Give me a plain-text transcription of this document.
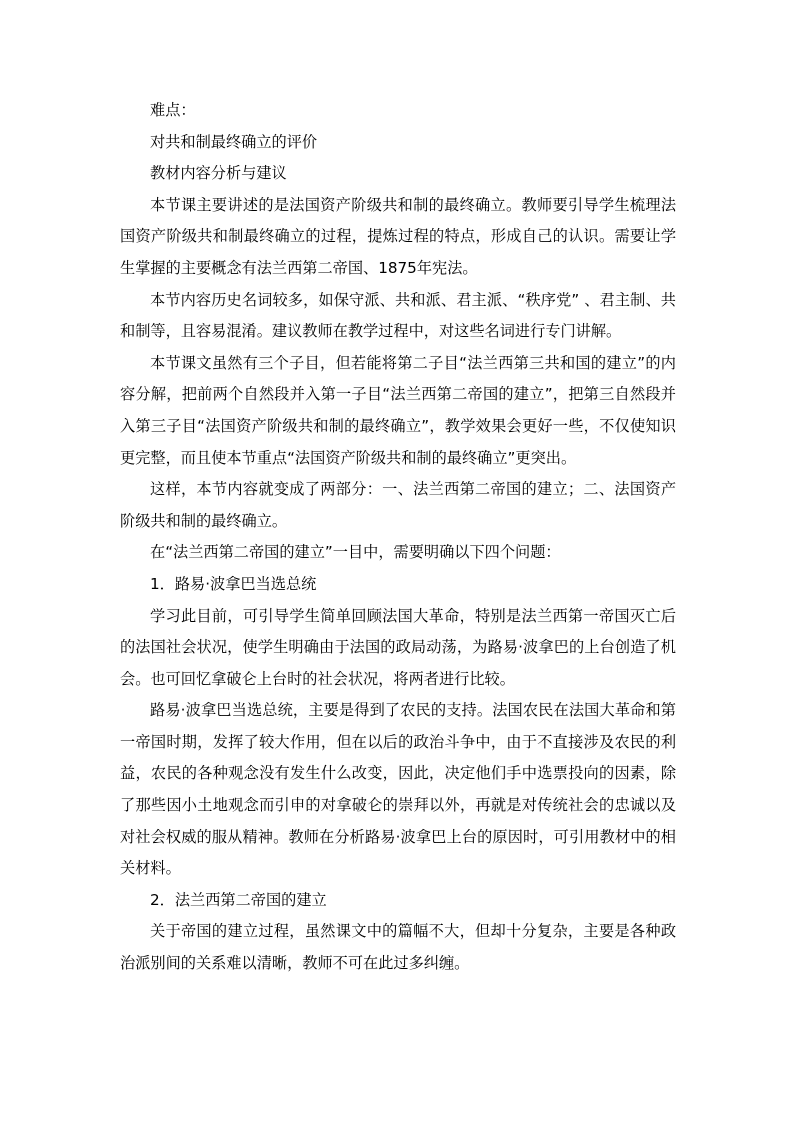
难点：

对共和制最终确立的评价

教材内容分析与建议

本节课主要讲述的是法国资产阶级共和制的最终确立。教师要引导学生梳理法国资产阶级共和制最终确立的过程，提炼过程的特点，形成自己的认识。需要让学生掌握的主要概念有法兰西第二帝国、1875年宪法。

本节内容历史名词较多，如保守派、共和派、君主派、“秩序党” 、君主制、共和制等，且容易混淆。建议教师在教学过程中，对这些名词进行专门讲解。

本节课文虽然有三个子目，但若能将第二子目“法兰西第三共和国的建立”的内容分解，把前两个自然段并入第一子目“法兰西第二帝国的建立”，把第三自然段并入第三子目“法国资产阶级共和制的最终确立”，教学效果会更好一些，不仅使知识更完整，而且使本节重点“法国资产阶级共和制的最终确立”更突出。

这样，本节内容就变成了两部分：一、法兰西第二帝国的建立；二、法国资产阶级共和制的最终确立。

在“法兰西第二帝国的建立”一目中，需要明确以下四个问题：

1．路易·波拿巴当选总统

学习此目前，可引导学生简单回顾法国大革命，特别是法兰西第一帝国灭亡后的法国社会状况，使学生明确由于法国的政局动荡，为路易·波拿巴的上台创造了机会。也可回忆拿破仑上台时的社会状况，将两者进行比较。

路易·波拿巴当选总统，主要是得到了农民的支持。法国农民在法国大革命和第一帝国时期，发挥了较大作用，但在以后的政治斗争中，由于不直接涉及农民的利益，农民的各种观念没有发生什么改变，因此，决定他们手中选票投向的因素，除了那些因小土地观念而引申的对拿破仑的崇拜以外，再就是对传统社会的忠诚以及对社会权威的服从精神。教师在分析路易·波拿巴上台的原因时，可引用教材中的相关材料。

2．法兰西第二帝国的建立

关于帝国的建立过程，虽然课文中的篇幅不大，但却十分复杂，主要是各种政治派别间的关系难以清晰，教师不可在此过多纠缠。
